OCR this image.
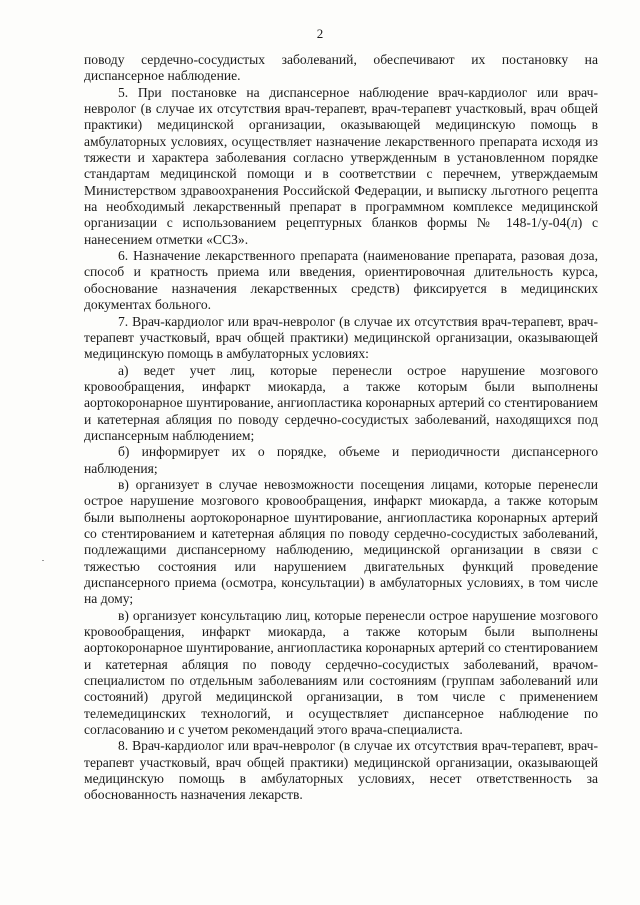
2

поводу сердечно-сосудистых заболеваний, обеспечивают их постановку на диспансерное наблюдение.

5. При постановке на диспансерное наблюдение врач-кардиолог или врач-невролог (в случае их отсутствия врач-терапевт, врач-терапевт участковый, врач общей практики) медицинской организации, оказывающей медицинскую помощь в амбулаторных условиях, осуществляет назначение лекарственного препарата исходя из тяжести и характера заболевания согласно утвержденным в установленном порядке стандартам медицинской помощи и в соответствии с перечнем, утверждаемым Министерством здравоохранения Российской Федерации, и выписку льготного рецепта на необходимый лекарственный препарат в программном комплексе медицинской организации с использованием рецептурных бланков формы № 148-1/у-04(л) с нанесением отметки «ССЗ».

6. Назначение лекарственного препарата (наименование препарата, разовая доза, способ и кратность приема или введения, ориентировочная длительность курса, обоснование назначения лекарственных средств) фиксируется в медицинских документах больного.

7. Врач-кардиолог или врач-невролог (в случае их отсутствия врач-терапевт, врач-терапевт участковый, врач общей практики) медицинской организации, оказывающей медицинскую помощь в амбулаторных условиях:

а) ведет учет лиц, которые перенесли острое нарушение мозгового кровообращения, инфаркт миокарда, а также которым были выполнены аортокоронарное шунтирование, ангиопластика коронарных артерий со стентированием и катетерная абляция по поводу сердечно-сосудистых заболеваний, находящихся под диспансерным наблюдением;

б) информирует их о порядке, объеме и периодичности диспансерного наблюдения;

в) организует в случае невозможности посещения лицами, которые перенесли острое нарушение мозгового кровообращения, инфаркт миокарда, а также которым были выполнены аортокоронарное шунтирование, ангиопластика коронарных артерий со стентированием и катетерная абляция по поводу сердечно-сосудистых заболеваний, подлежащими диспансерному наблюдению, медицинской организации в связи с тяжестью состояния или нарушением двигательных функций проведение диспансерного приема (осмотра, консультации) в амбулаторных условиях, в том числе на дому;

в) организует консультацию лиц, которые перенесли острое нарушение мозгового кровообращения, инфаркт миокарда, а также которым были выполнены аортокоронарное шунтирование, ангиопластика коронарных артерий со стентированием и катетерная абляция по поводу сердечно-сосудистых заболеваний, врачом-специалистом по отдельным заболеваниям или состояниям (группам заболеваний или состояний) другой медицинской организации, в том числе с применением телемедицинских технологий, и осуществляет диспансерное наблюдение по согласованию и с учетом рекомендаций этого врача-специалиста.

8. Врач-кардиолог или врач-невролог (в случае их отсутствия врач-терапевт, врач-терапевт участковый, врач общей практики) медицинской организации, оказывающей медицинскую помощь в амбулаторных условиях, несет ответственность за обоснованность назначения лекарств.
